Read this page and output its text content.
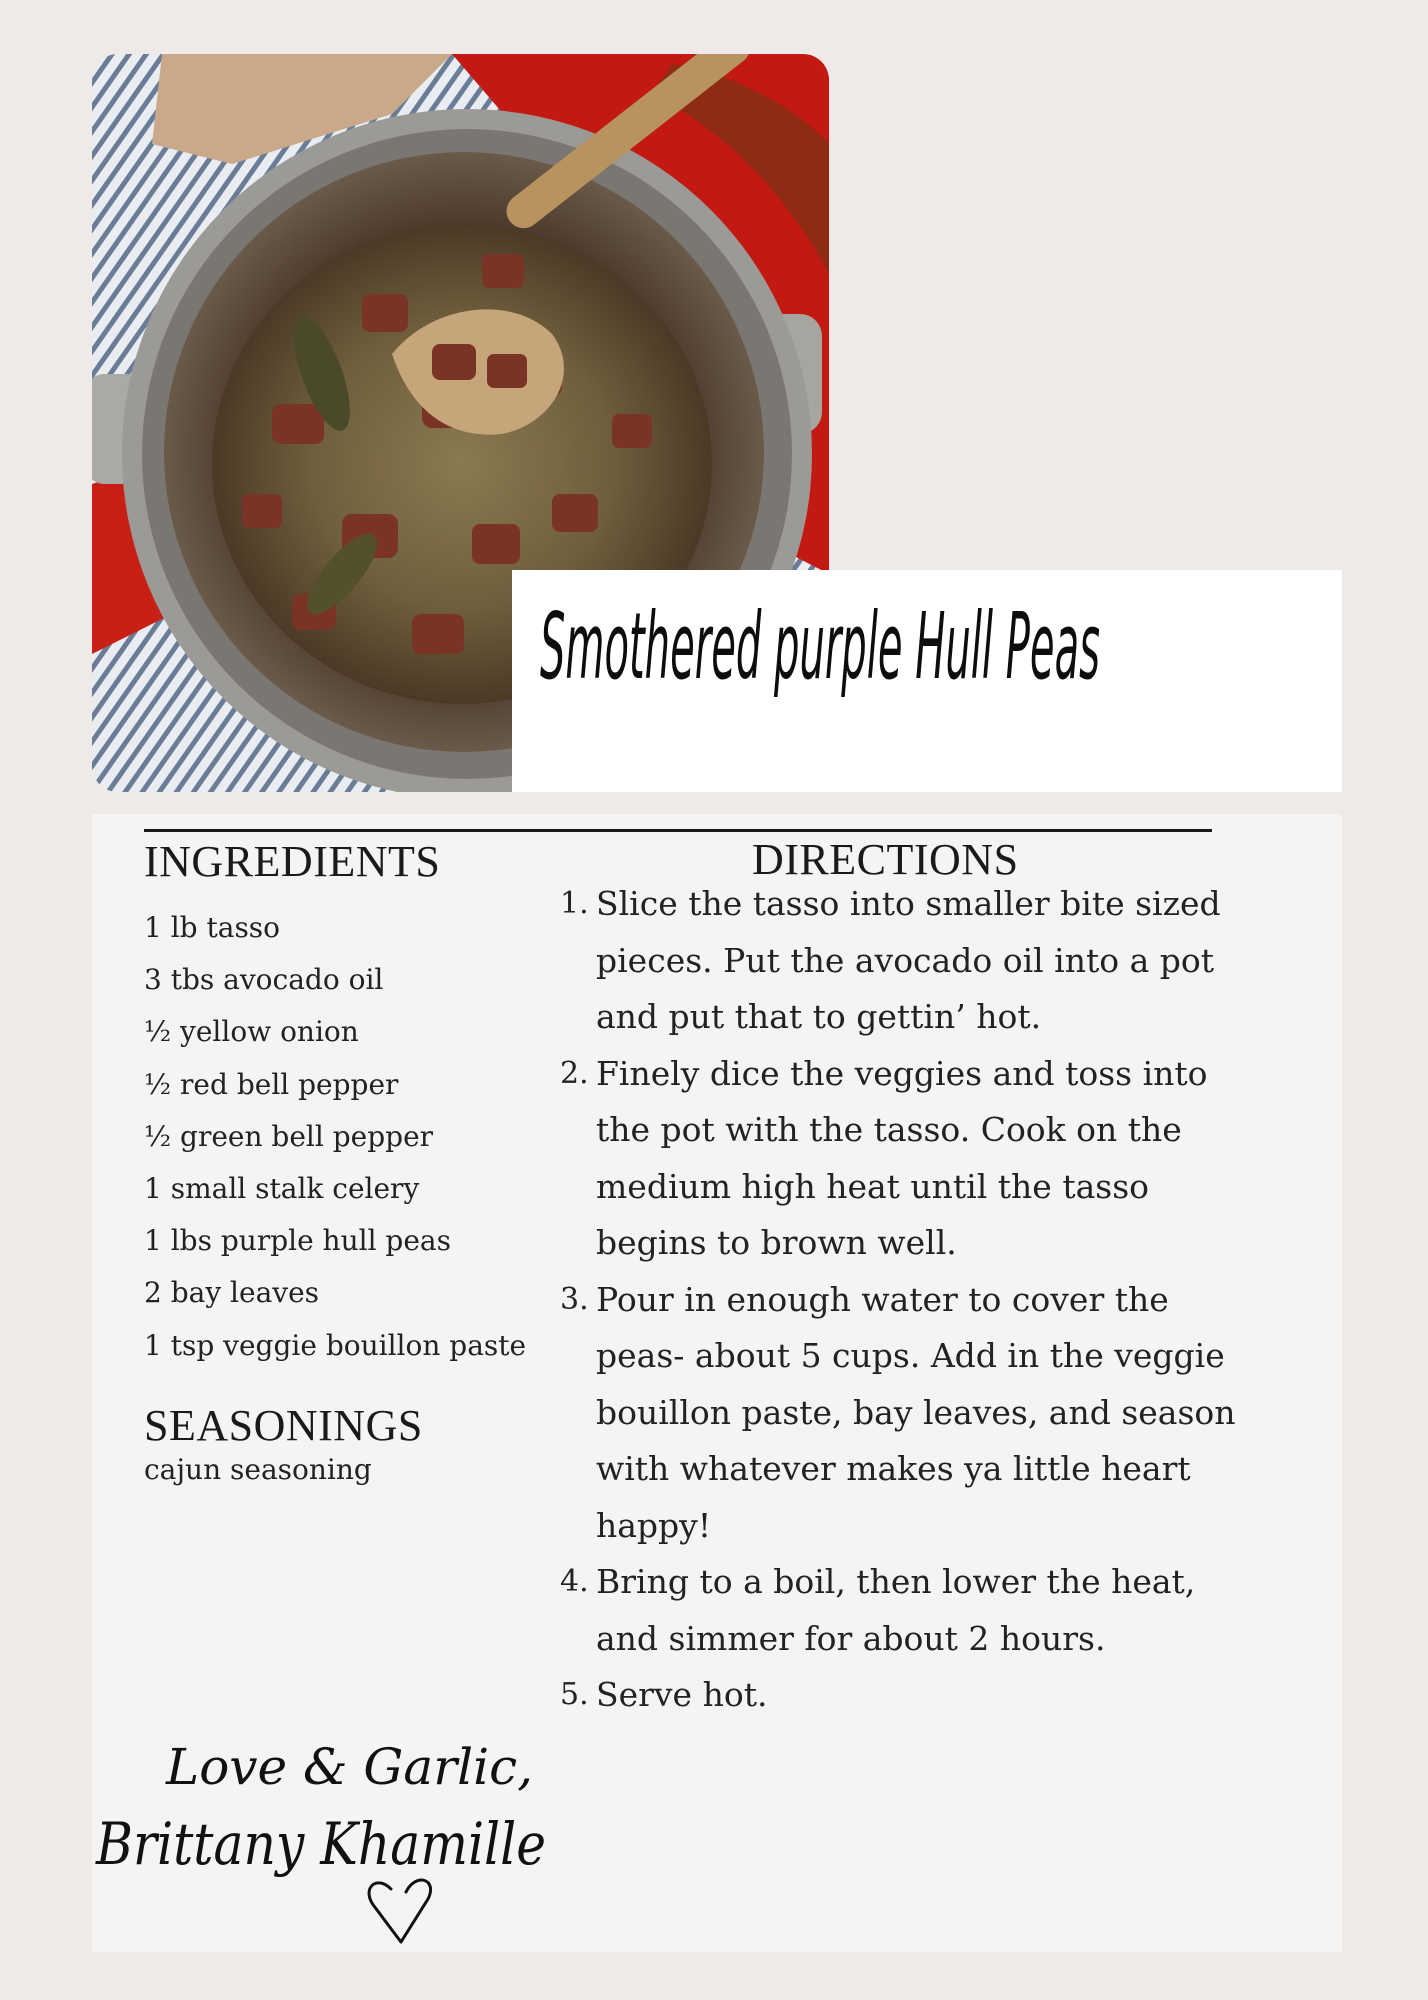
Smothered purple Hull Peas
INGREDIENTS
1 lb tasso
3 tbs avocado oil
½ yellow onion
½ red bell pepper
½ green bell pepper
1 small stalk celery
1 lbs purple hull peas
2 bay leaves
1 tsp veggie bouillon paste
SEASONINGS
cajun seasoning
DIRECTIONS
1. Slice the tasso into smaller bite sized pieces. Put the avocado oil into a pot and put that to gettin’ hot.
2. Finely dice the veggies and toss into the pot with the tasso. Cook on the medium high heat until the tasso begins to brown well.
3. Pour in enough water to cover the peas- about 5 cups. Add in the veggie bouillon paste, bay leaves, and season with whatever makes ya little heart happy!
4. Bring to a boil, then lower the heat, and simmer for about 2 hours.
5. Serve hot.
Love & Garlic,
Brittany Khamille
